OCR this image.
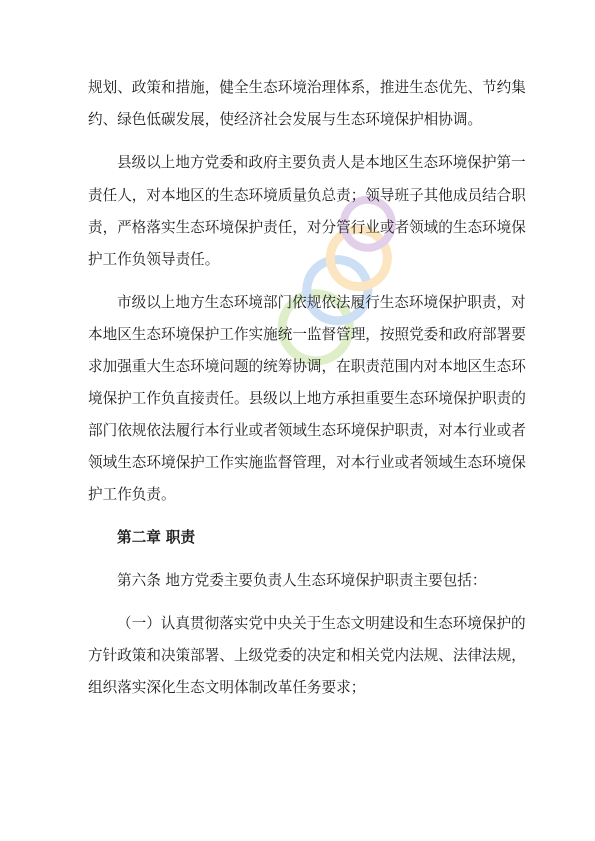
规划、政策和措施，健全生态环境治理体系，推进生态优先、节约集
约、绿色低碳发展，使经济社会发展与生态环境保护相协调。
县级以上地方党委和政府主要负责人是本地区生态环境保护第一
责任人，对本地区的生态环境质量负总责；领导班子其他成员结合职
责，严格落实生态环境保护责任，对分管行业或者领域的生态环境保
护工作负领导责任。
市级以上地方生态环境部门依规依法履行生态环境保护职责，对
本地区生态环境保护工作实施统一监督管理，按照党委和政府部署要
求加强重大生态环境问题的统筹协调，在职责范围内对本地区生态环
境保护工作负直接责任。县级以上地方承担重要生态环境保护职责的
部门依规依法履行本行业或者领域生态环境保护职责，对本行业或者
领域生态环境保护工作实施监督管理，对本行业或者领域生态环境保
护工作负责。
第二章 职责
第六条 地方党委主要负责人生态环境保护职责主要包括：
（一）认真贯彻落实党中央关于生态文明建设和生态环境保护的
方针政策和决策部署、上级党委的决定和相关党内法规、法律法规，
组织落实深化生态文明体制改革任务要求；
